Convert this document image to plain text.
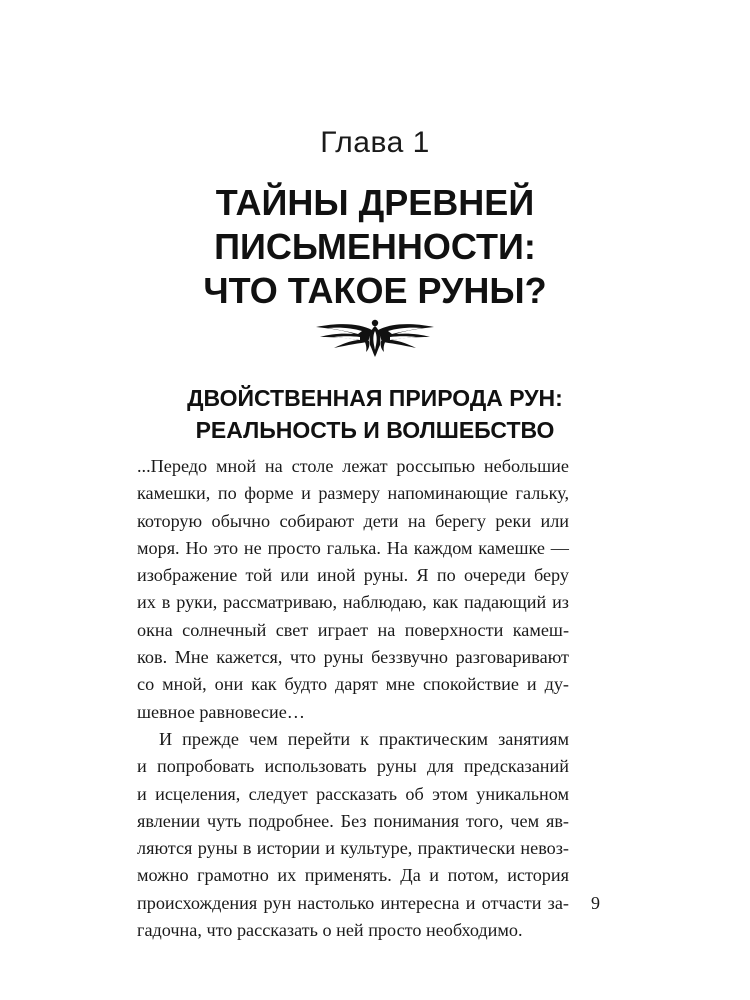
Глава 1
ТАЙНЫ ДРЕВНЕЙ
ПИСЬМЕННОСТИ:
ЧТО ТАКОЕ РУНЫ?
ДВОЙСТВЕННАЯ ПРИРОДА РУН:
РЕАЛЬНОСТЬ И ВОЛШЕБСТВО
...Передо мной на столе лежат россыпью небольшие
камешки, по форме и размеру напоминающие гальку,
которую обычно собирают дети на берегу реки или
моря. Но это не просто галька. На каждом камешке —
изображение той или иной руны. Я по очереди беру
их в руки, рассматриваю, наблюдаю, как падающий из
окна солнечный свет играет на поверхности камеш-
ков. Мне кажется, что руны беззвучно разговаривают
со мной, они как будто дарят мне спокойствие и ду-
шевное равновесие…
И прежде чем перейти к практическим занятиям
и попробовать использовать руны для предсказаний
и исцеления, следует рассказать об этом уникальном
явлении чуть подробнее. Без понимания того, чем яв-
ляются руны в истории и культуре, практически невоз-
можно грамотно их применять. Да и потом, история
происхождения рун настолько интересна и отчасти за-
гадочна, что рассказать о ней просто необходимо.
9
